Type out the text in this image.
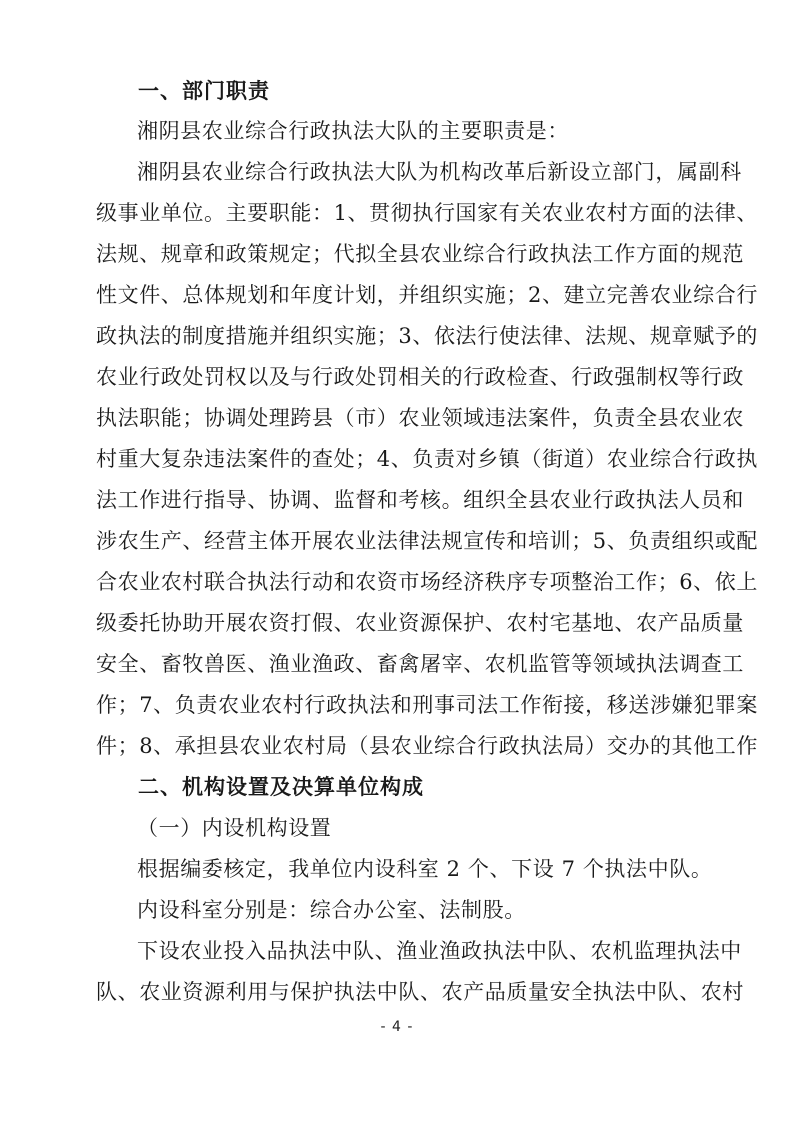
一、部门职责
湘阴县农业综合行政执法大队的主要职责是：
湘阴县农业综合行政执法大队为机构改革后新设立部门，属副科
级事业单位。主要职能：1、贯彻执行国家有关农业农村方面的法律、
法规、规章和政策规定；代拟全县农业综合行政执法工作方面的规范
性文件、总体规划和年度计划，并组织实施；2、建立完善农业综合行
政执法的制度措施并组织实施；3、依法行使法律、法规、规章赋予的
农业行政处罚权以及与行政处罚相关的行政检查、行政强制权等行政
执法职能；协调处理跨县（市）农业领域违法案件，负责全县农业农
村重大复杂违法案件的查处；4、负责对乡镇（街道）农业综合行政执
法工作进行指导、协调、监督和考核。组织全县农业行政执法人员和
涉农生产、经营主体开展农业法律法规宣传和培训；5、负责组织或配
合农业农村联合执法行动和农资市场经济秩序专项整治工作；6、依上
级委托协助开展农资打假、农业资源保护、农村宅基地、农产品质量
安全、畜牧兽医、渔业渔政、畜禽屠宰、农机监管等领域执法调查工
作；7、负责农业农村行政执法和刑事司法工作衔接，移送涉嫌犯罪案
件；8、承担县农业农村局（县农业综合行政执法局）交办的其他工作
二、机构设置及决算单位构成
（一）内设机构设置
根据编委核定，我单位内设科室 2 个、下设 7 个执法中队。
内设科室分别是：综合办公室、法制股。
下设农业投入品执法中队、渔业渔政执法中队、农机监理执法中
队、农业资源利用与保护执法中队、农产品质量安全执法中队、农村
- 4 -
